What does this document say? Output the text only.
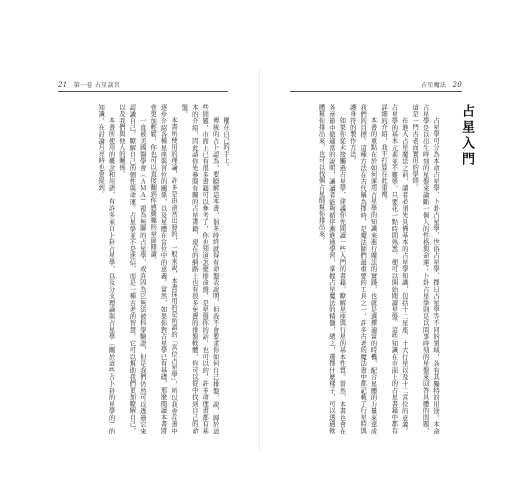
21 第一卷 占星談宮

權在自己的手上。

傳統的占卜認為，要瞭解這本書，倡多時終就得有命盤表說明、但我不會要求你如何自己排盤，說，歸於這些問題，市面上已有很多書籍可以參考了，你也知道怎麼排命盤，是星盤你的話，也可以的，許多命理書都有基本的介紹，因此請你先參閱有關的占星書籍，現在的網路上也有很多免費的排盤軟體，你可以從中找到自己的命盤。

本書所使用的理論，許多是由命宮出發的，一般來說，本書採用的是所謂的「宮位占星學」，所以我會在書中逐步介紹各種星座與宮位的關係，以及星體在宮位中的意義。當然，如果你對占星學已有基礎，那麼閱讀本書將會更加輕鬆，你也可以直接翻到你感興趣的章節閱讀。

一直被美國醫學會（ＡＭＡ）視為無聊的占星學，或許因為它無法被科學驗證，但是我們仍然可以透過它來認識自己，瞭解自己的個性與命運。占星學並不是迷信，而是一種古老的智慧，它可以幫助我們更加瞭解自己，以及我們與他人的關係。

本書所使用的概念和用語，有許多來自卜卦占星學，以及分支理論與占星學（關於這些占卜卦的星學的）的知識，在討論月亮時也會提到。

占星魔法 20

占星學可分為本命占星學、卜卦占星學、世俗占星學、擇日占星學等不同的領域，各有其獨特的用途。本命占星學是以出生時刻的星盤來論斷一個人的性格與命運；卜卦占星學則是以問事時刻的星盤來回答具體的問題，這是一門古老而實用的學問。

在進入占星魔法之前，讀者必須先具備基本的占星學知識，包括十二星座、十大行星以及十二宮位的意義。占星學的基本元素並不難學，只要花一點時間熟悉，便可以開始閱讀星盤。這些知識在市面上的占星書籍中都有詳細的介紹，我不打算在此重複。

本書的重點在於如何運用占星學的知識來進行魔法的實踐，也就是選擇適當的時機，配合星體的力量來達成我們的目標。這種方法在古代稱為擇時，是魔法師們最重要的工具之一，許多古老的魔法書中都記載了行星時與護身符的製作方法。

如果你從未接觸過占星學，建議你先閱讀一些入門的書籍，瞭解星座與行星的基本性質。當然，本書也會在各章節中做適當的說明，讓讀者能夠循序漸進地學習，掌握占星魔法的精髓，總之，選擇什麼樣子，可以透過軟體幫你排出來，也可以找個占星師幫你排出來。	占星入門
